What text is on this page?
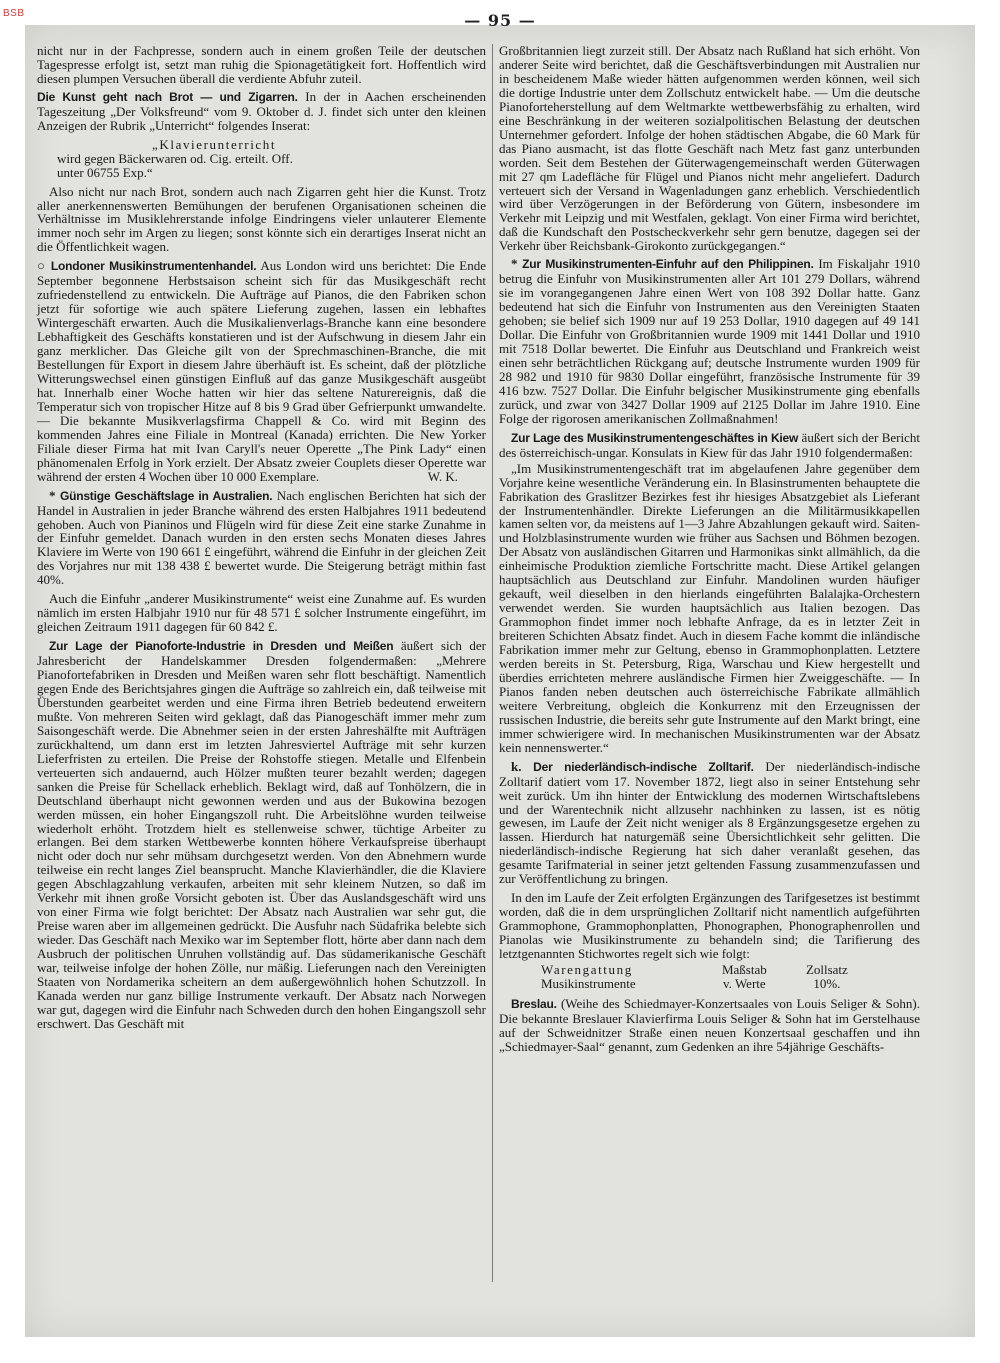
BSB	— 95 —

nicht nur in der Fachpresse, sondern auch in einem großen Teile der deutschen Tagespresse erfolgt ist, setzt man ruhig die Spionagetätigkeit fort. Hoffentlich wird diesen plumpen Versuchen überall die verdiente Abfuhr zuteil.

Die Kunst geht nach Brot — und Zigarren. In der in Aachen erscheinenden Tageszeitung „Der Volksfreund“ vom 9. Oktober d. J. findet sich unter den kleinen Anzeigen der Rubrik „Unterricht“ folgendes Inserat:

„Klavierunterricht
wird gegen Bäckerwaren od. Cig. erteilt. Off.
unter 06755 Exp.“

Also nicht nur nach Brot, sondern auch nach Zigarren geht hier die Kunst. Trotz aller anerkennenswerten Bemühungen der berufenen Organisationen scheinen die Verhältnisse im Musiklehrerstande infolge Eindringens vieler unlauterer Elemente immer noch sehr im Argen zu liegen; sonst könnte sich ein derartiges Inserat nicht an die Öffentlichkeit wagen.

○ Londoner Musikinstrumentenhandel. Aus London wird uns berichtet: Die Ende September begonnene Herbstsaison scheint sich für das Musikgeschäft recht zufriedenstellend zu entwickeln. Die Aufträge auf Pianos, die den Fabriken schon jetzt für sofortige wie auch spätere Lieferung zugehen, lassen ein lebhaftes Wintergeschäft erwarten. Auch die Musikalienverlags-Branche kann eine besondere Lebhaftigkeit des Geschäfts konstatieren und ist der Aufschwung in diesem Jahr ein ganz merklicher. Das Gleiche gilt von der Sprechmaschinen-Branche, die mit Bestellungen für Export in diesem Jahre überhäuft ist. Es scheint, daß der plötzliche Witterungswechsel einen günstigen Einfluß auf das ganze Musikgeschäft ausgeübt hat. Innerhalb einer Woche hatten wir hier das seltene Naturereignis, daß die Temperatur sich von tropischer Hitze auf 8 bis 9 Grad über Gefrierpunkt umwandelte. — Die bekannte Musikverlagsfirma Chappell & Co. wird mit Beginn des kommenden Jahres eine Filiale in Montreal (Kanada) errichten. Die New Yorker Filiale dieser Firma hat mit Ivan Caryll's neuer Operette „The Pink Lady“ einen phänomenalen Erfolg in York erzielt. Der Absatz zweier Couplets dieser Operette war während der ersten 4 Wochen über 10 000 Exemplare.	W. K.

* Günstige Geschäftslage in Australien. Nach englischen Berichten hat sich der Handel in Australien in jeder Branche während des ersten Halbjahres 1911 bedeutend gehoben. Auch von Pianinos und Flügeln wird für diese Zeit eine starke Zunahme in der Einfuhr gemeldet. Danach wurden in den ersten sechs Monaten dieses Jahres Klaviere im Werte von 190 661 £ eingeführt, während die Einfuhr in der gleichen Zeit des Vorjahres nur mit 138 438 £ bewertet wurde. Die Steigerung beträgt mithin fast 40%.

Auch die Einfuhr „anderer Musikinstrumente“ weist eine Zunahme auf. Es wurden nämlich im ersten Halbjahr 1910 nur für 48 571 £ solcher Instrumente eingeführt, im gleichen Zeitraum 1911 dagegen für 60 842 £.

Zur Lage der Pianoforte-Industrie in Dresden und Meißen äußert sich der Jahresbericht der Handelskammer Dresden folgendermaßen: „Mehrere Pianofortefabriken in Dresden und Meißen waren sehr flott beschäftigt. Namentlich gegen Ende des Berichtsjahres gingen die Aufträge so zahlreich ein, daß teilweise mit Überstunden gearbeitet werden und eine Firma ihren Betrieb bedeutend erweitern mußte. Von mehreren Seiten wird geklagt, daß das Pianogeschäft immer mehr zum Saisongeschäft werde. Die Abnehmer seien in der ersten Jahreshälfte mit Aufträgen zurückhaltend, um dann erst im letzten Jahresviertel Aufträge mit sehr kurzen Lieferfristen zu erteilen. Die Preise der Rohstoffe stiegen. Metalle und Elfenbein verteuerten sich andauernd, auch Hölzer mußten teurer bezahlt werden; dagegen sanken die Preise für Schellack erheblich. Beklagt wird, daß auf Tonhölzern, die in Deutschland überhaupt nicht gewonnen werden und aus der Bukowina bezogen werden müssen, ein hoher Eingangszoll ruht. Die Arbeitslöhne wurden teilweise wiederholt erhöht. Trotzdem hielt es stellenweise schwer, tüchtige Arbeiter zu erlangen. Bei dem starken Wettbewerbe konnten höhere Verkaufspreise überhaupt nicht oder doch nur sehr mühsam durchgesetzt werden. Von den Abnehmern wurde teilweise ein recht langes Ziel beansprucht. Manche Klavierhändler, die die Klaviere gegen Abschlagzahlung verkaufen, arbeiten mit sehr kleinem Nutzen, so daß im Verkehr mit ihnen große Vorsicht geboten ist. Über das Auslandsgeschäft wird uns von einer Firma wie folgt berichtet: Der Absatz nach Australien war sehr gut, die Preise waren aber im allgemeinen gedrückt. Die Ausfuhr nach Südafrika belebte sich wieder. Das Geschäft nach Mexiko war im September flott, hörte aber dann nach dem Ausbruch der politischen Unruhen vollständig auf. Das südamerikanische Geschäft war, teilweise infolge der hohen Zölle, nur mäßig. Lieferungen nach den Vereinigten Staaten von Nordamerika scheitern an dem außergewöhnlich hohen Schutzzoll. In Kanada werden nur ganz billige Instrumente verkauft. Der Absatz nach Norwegen war gut, dagegen wird die Einfuhr nach Schweden durch den hohen Eingangszoll sehr erschwert. Das Geschäft mit

Großbritannien liegt zurzeit still. Der Absatz nach Rußland hat sich erhöht. Von anderer Seite wird berichtet, daß die Geschäftsverbindungen mit Australien nur in bescheidenem Maße wieder hätten aufgenommen werden können, weil sich die dortige Industrie unter dem Zollschutz entwickelt habe. — Um die deutsche Pianoforteherstellung auf dem Weltmarkte wettbewerbsfähig zu erhalten, wird eine Beschränkung in der weiteren sozialpolitischen Belastung der deutschen Unternehmer gefordert. Infolge der hohen städtischen Abgabe, die 60 Mark für das Piano ausmacht, ist das flotte Geschäft nach Metz fast ganz unterbunden worden. Seit dem Bestehen der Güterwagengemeinschaft werden Güterwagen mit 27 qm Ladefläche für Flügel und Pianos nicht mehr angeliefert. Dadurch verteuert sich der Versand in Wagenladungen ganz erheblich. Verschiedentlich wird über Verzögerungen in der Beförderung von Gütern, insbesondere im Verkehr mit Leipzig und mit Westfalen, geklagt. Von einer Firma wird berichtet, daß die Kundschaft den Postscheckverkehr sehr gern benutze, dagegen sei der Verkehr über Reichsbank-Girokonto zurückgegangen.“

* Zur Musikinstrumenten-Einfuhr auf den Philippinen. Im Fiskaljahr 1910 betrug die Einfuhr von Musikinstrumenten aller Art 101 279 Dollars, während sie im vorangegangenen Jahre einen Wert von 108 392 Dollar hatte. Ganz bedeutend hat sich die Einfuhr von Instrumenten aus den Vereinigten Staaten gehoben; sie belief sich 1909 nur auf 19 253 Dollar, 1910 dagegen auf 49 141 Dollar. Die Einfuhr von Großbritannien wurde 1909 mit 1441 Dollar und 1910 mit 7518 Dollar bewertet. Die Einfuhr aus Deutschland und Frankreich weist einen sehr beträchtlichen Rückgang auf; deutsche Instrumente wurden 1909 für 28 982 und 1910 für 9830 Dollar eingeführt, französische Instrumente für 39 416 bzw. 7527 Dollar. Die Einfuhr belgischer Musikinstrumente ging ebenfalls zurück, und zwar von 3427 Dollar 1909 auf 2125 Dollar im Jahre 1910. Eine Folge der rigorosen amerikanischen Zollmaßnahmen!

Zur Lage des Musikinstrumentengeschäftes in Kiew äußert sich der Bericht des österreichisch-ungar. Konsulats in Kiew für das Jahr 1910 folgendermaßen:

„Im Musikinstrumentengeschäft trat im abgelaufenen Jahre gegenüber dem Vorjahre keine wesentliche Veränderung ein. In Blasinstrumenten behauptete die Fabrikation des Graslitzer Bezirkes fest ihr hiesiges Absatzgebiet als Lieferant der Instrumentenhändler. Direkte Lieferungen an die Militärmusikkapellen kamen selten vor, da meistens auf 1—3 Jahre Abzahlungen gekauft wird. Saiten- und Holzblasinstrumente wurden wie früher aus Sachsen und Böhmen bezogen. Der Absatz von ausländischen Gitarren und Harmonikas sinkt allmählich, da die einheimische Produktion ziemliche Fortschritte macht. Diese Artikel gelangen hauptsächlich aus Deutschland zur Einfuhr. Mandolinen wurden häufiger gekauft, weil dieselben in den hierlands eingeführten Balalajka-Orchestern verwendet werden. Sie wurden hauptsächlich aus Italien bezogen. Das Grammophon findet immer noch lebhafte Anfrage, da es in letzter Zeit in breiteren Schichten Absatz findet. Auch in diesem Fache kommt die inländische Fabrikation immer mehr zur Geltung, ebenso in Grammophonplatten. Letztere werden bereits in St. Petersburg, Riga, Warschau und Kiew hergestellt und überdies errichteten mehrere ausländische Firmen hier Zweiggeschäfte. — In Pianos fanden neben deutschen auch österreichische Fabrikate allmählich weitere Verbreitung, obgleich die Konkurrenz mit den Erzeugnissen der russischen Industrie, die bereits sehr gute Instrumente auf den Markt bringt, eine immer schwierigere wird. In mechanischen Musikinstrumenten war der Absatz kein nennenswerter.“

k. Der niederländisch-indische Zolltarif. Der niederländisch-indische Zolltarif datiert vom 17. November 1872, liegt also in seiner Entstehung sehr weit zurück. Um ihn hinter der Entwicklung des modernen Wirtschaftslebens und der Warentechnik nicht allzusehr nachhinken zu lassen, ist es nötig gewesen, im Laufe der Zeit nicht weniger als 8 Ergänzungsgesetze ergehen zu lassen. Hierdurch hat naturgemäß seine Übersichtlichkeit sehr gelitten. Die niederländisch-indische Regierung hat sich daher veranlaßt gesehen, das gesamte Tarifmaterial in seiner jetzt geltenden Fassung zusammenzufassen und zur Veröffentlichung zu bringen.

In den im Laufe der Zeit erfolgten Ergänzungen des Tarifgesetzes ist bestimmt worden, daß die in dem ursprünglichen Zolltarif nicht namentlich aufgeführten Grammophone, Grammophonplatten, Phonographen, Phonographenrollen und Pianolas wie Musikinstrumente zu behandeln sind; die Tarifierung des letztgenannten Stichwortes regelt sich wie folgt:

Warengattung	Maßstab	Zollsatz
Musikinstrumente	v. Werte	10%.

Breslau. (Weihe des Schiedmayer-Konzertsaales von Louis Seliger & Sohn). Die bekannte Breslauer Klavierfirma Louis Seliger & Sohn hat im Gerstelhause auf der Schweidnitzer Straße einen neuen Konzertsaal geschaffen und ihn „Schiedmayer-Saal“ genannt, zum Gedenken an ihre 54jährige Geschäfts-
